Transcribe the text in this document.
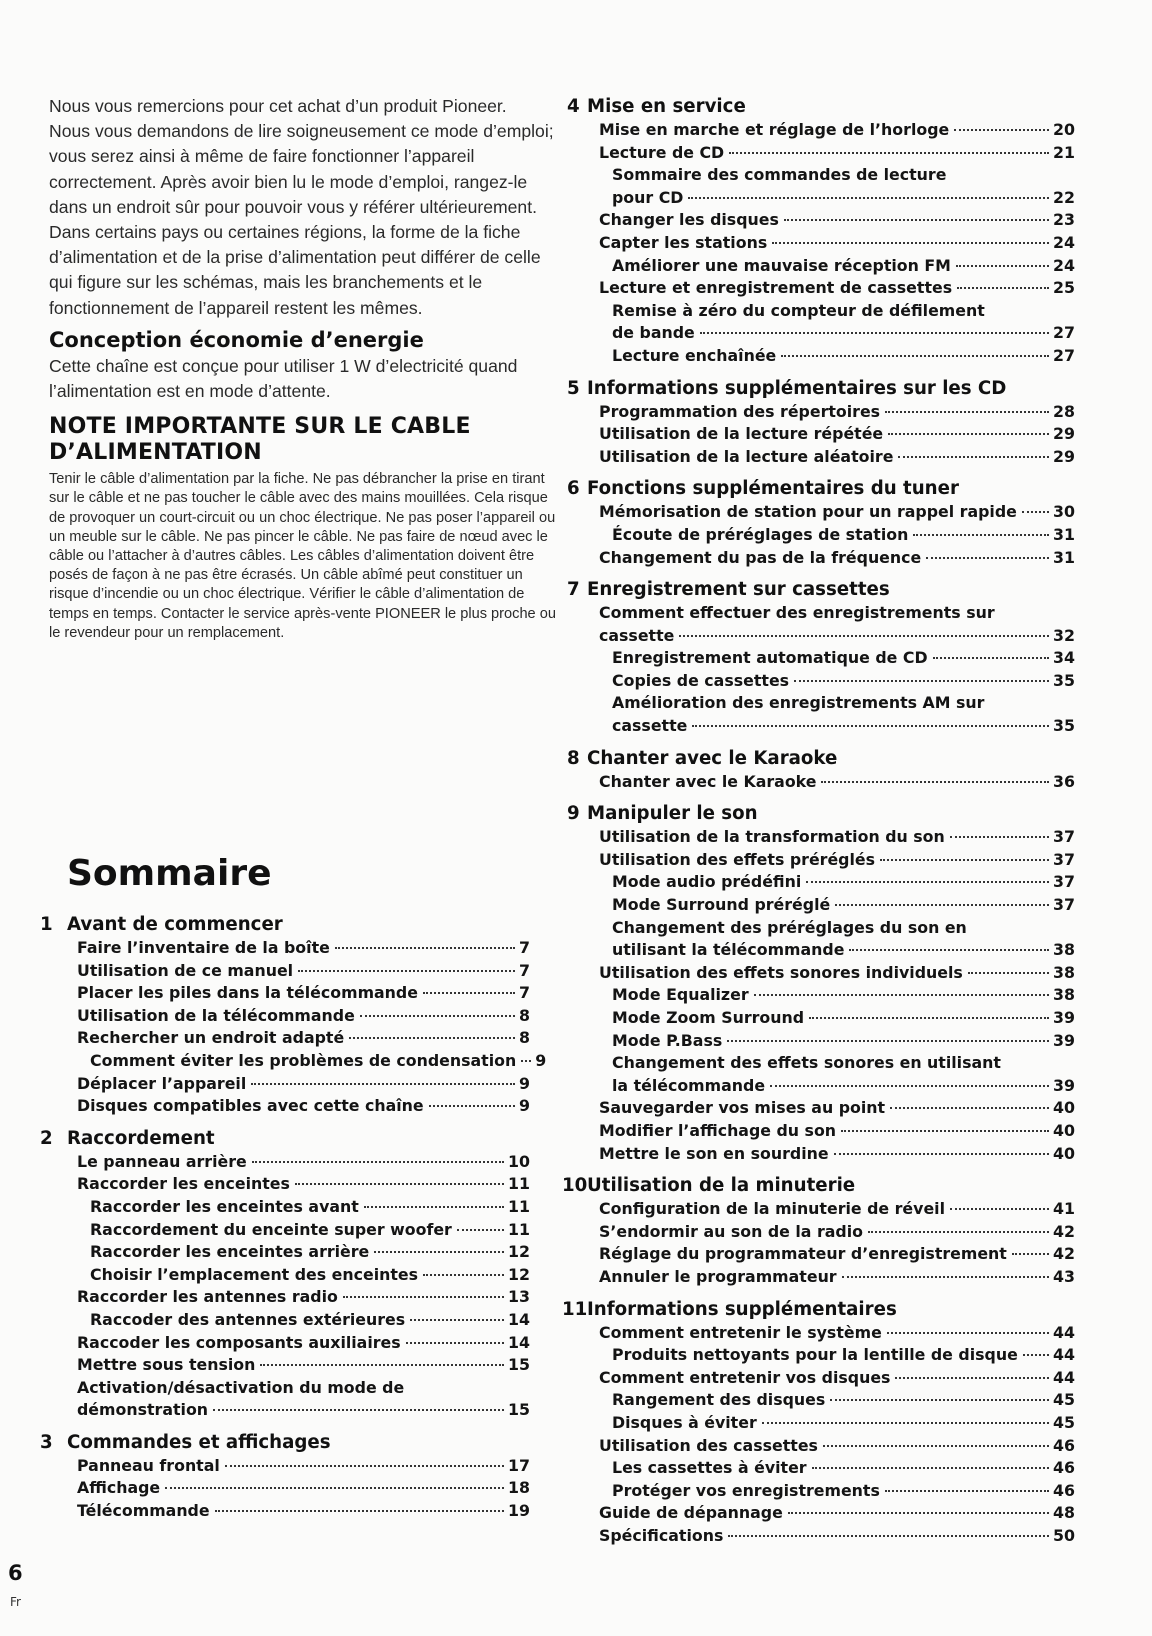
Nous vous remercions pour cet achat d’un produit Pioneer.

Nous vous demandons de lire soigneusement ce mode d’emploi; vous serez ainsi à même de faire fonctionner l’appareil correctement. Après avoir bien lu le mode d’emploi, rangez-le dans un endroit sûr pour pouvoir vous y référer ultérieurement.

Dans certains pays ou certaines régions, la forme de la fiche d’alimentation et de la prise d’alimentation peut différer de celle qui figure sur les schémas, mais les branchements et le fonctionnement de l’appareil restent les mêmes.

Conception économie d’energie

Cette chaîne est conçue pour utiliser 1 W d’electricité quand l’alimentation est en mode d’attente.

NOTE IMPORTANTE SUR LE CABLE D’ALIMENTATION

Tenir le câble d’alimentation par la fiche. Ne pas débrancher la prise en tirant sur le câble et ne pas toucher le câble avec des mains mouillées. Cela risque de provoquer un court-circuit ou un choc électrique. Ne pas poser l’appareil ou un meuble sur le câble. Ne pas pincer le câble. Ne pas faire de nœud avec le câble ou l’attacher à d’autres câbles. Les câbles d’alimentation doivent être posés de façon à ne pas être écrasés. Un câble abîmé peut constituer un risque d’incendie ou un choc électrique. Vérifier le câble d’alimentation de temps en temps. Contacter le service après-vente PIONEER le plus proche ou le revendeur pour un remplacement.

Sommaire
1 Avant de commencer
Faire l’inventaire de la boîte	7
Utilisation de ce manuel	7
Placer les piles dans la télécommande	7
Utilisation de la télécommande	8
Rechercher un endroit adapté	8
Comment éviter les problèmes de condensation 9
Déplacer l’appareil	9
Disques compatibles avec cette chaîne	9
2 Raccordement
Le panneau arrière	10
Raccorder les enceintes	11
Raccorder les enceintes avant	11
Raccordement du enceinte super woofer	11
Raccorder les enceintes arrière	12
Choisir l’emplacement des enceintes	12
Raccorder les antennes radio	13
Raccoder des antennes extérieures	14
Raccoder les composants auxiliaires	14
Mettre sous tension	15
Activation/désactivation du mode de
démonstration	15
3 Commandes et affichages
Panneau frontal	17
Affichage	18
Télécommande	19
4 Mise en service
Mise en marche et réglage de l’horloge	20
Lecture de CD	21
Sommaire des commandes de lecture
pour CD	22
Changer les disques	23
Capter les stations	24
Améliorer une mauvaise réception FM	24
Lecture et enregistrement de cassettes	25
Remise à zéro du compteur de défilement
de bande	27
Lecture enchaînée	27
5 Informations supplémentaires sur les CD
Programmation des répertoires	28
Utilisation de la lecture répétée	29
Utilisation de la lecture aléatoire	29
6 Fonctions supplémentaires du tuner
Mémorisation de station pour un rappel rapide 30
Écoute de préréglages de station	31
Changement du pas de la fréquence	31
7 Enregistrement sur cassettes
Comment effectuer des enregistrements sur
cassette	32
Enregistrement automatique de CD	34
Copies de cassettes	35
Amélioration des enregistrements AM sur
cassette	35
8 Chanter avec le Karaoke
Chanter avec le Karaoke	36
9 Manipuler le son
Utilisation de la transformation du son	37
Utilisation des effets préréglés	37
Mode audio prédéfini	37
Mode Surround préréglé	37
Changement des préréglages du son en
utilisant la télécommande	38
Utilisation des effets sonores individuels	38
Mode Equalizer	38
Mode Zoom Surround	39
Mode P.Bass	39
Changement des effets sonores en utilisant
la télécommande	39
Sauvegarder vos mises au point	40
Modifier l’affichage du son	40
Mettre le son en sourdine	40
10 Utilisation de la minuterie
Configuration de la minuterie de réveil	41
S’endormir au son de la radio	42
Réglage du programmateur d’enregistrement	42
Annuler le programmateur	43
11 Informations supplémentaires
Comment entretenir le système	44
Produits nettoyants pour la lentille de disque 44
Comment entretenir vos disques	44
Rangement des disques	45
Disques à éviter	45
Utilisation des cassettes	46
Les cassettes à éviter	46
Protéger vos enregistrements	46
Guide de dépannage	48
Spécifications	50
6
Fr
